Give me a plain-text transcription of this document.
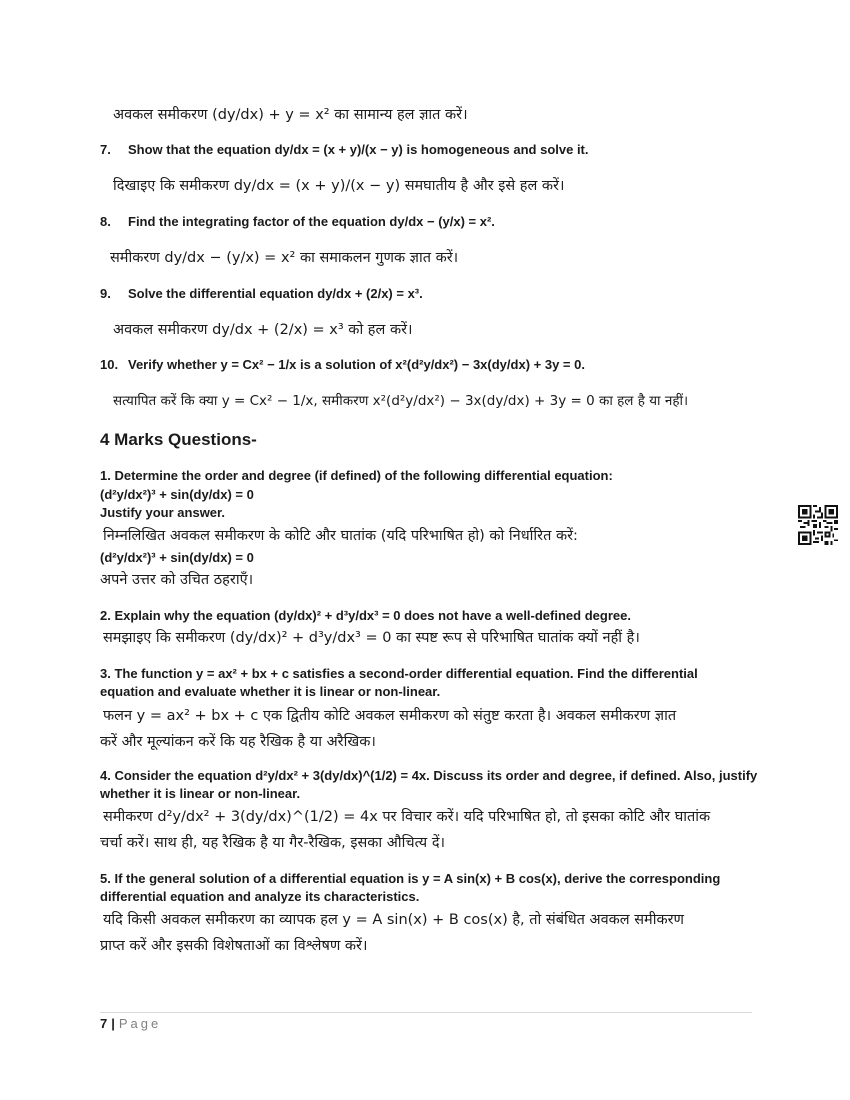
अवकल समीकरण (dy/dx) + y = x² का सामान्य हल ज्ञात करें।
7. Show that the equation dy/dx = (x + y)/(x − y) is homogeneous and solve it.
दिखाइए कि समीकरण dy/dx = (x + y)/(x − y) समघातीय है और इसे हल करें।
8. Find the integrating factor of the equation dy/dx − (y/x) = x².
समीकरण dy/dx − (y/x) = x² का समाकलन गुणक ज्ञात करें।
9. Solve the differential equation dy/dx + (2/x) = x³.
अवकल समीकरण dy/dx + (2/x) = x³ को हल करें।
10. Verify whether y = Cx² − 1/x is a solution of x²(d²y/dx²) − 3x(dy/dx) + 3y = 0.
सत्यापित करें कि क्या y = Cx² − 1/x, समीकरण x²(d²y/dx²) − 3x(dy/dx) + 3y = 0 का हल है या नहीं।
4 Marks Questions-
1. Determine the order and degree (if defined) of the following differential equation:
(d²y/dx²)³ + sin(dy/dx) = 0
Justify your answer.
निम्नलिखित अवकल समीकरण के कोटि और घातांक (यदि परिभाषित हो) को निर्धारित करें:
(d²y/dx²)³ + sin(dy/dx) = 0
अपने उत्तर को उचित ठहराएँ।
2. Explain why the equation (dy/dx)² + d³y/dx³ = 0 does not have a well-defined degree.
समझाइए कि समीकरण (dy/dx)² + d³y/dx³ = 0 का स्पष्ट रूप से परिभाषित घातांक क्यों नहीं है।
3. The function y = ax² + bx + c satisfies a second-order differential equation. Find the differential
equation and evaluate whether it is linear or non-linear.
फलन y = ax² + bx + c एक द्वितीय कोटि अवकल समीकरण को संतुष्ट करता है। अवकल समीकरण ज्ञात
करें और मूल्यांकन करें कि यह रैखिक है या अरैखिक।
4. Consider the equation d²y/dx² + 3(dy/dx)^(1/2) = 4x. Discuss its order and degree, if defined. Also, justify
whether it is linear or non-linear.
समीकरण d²y/dx² + 3(dy/dx)^(1/2) = 4x पर विचार करें। यदि परिभाषित हो, तो इसका कोटि और घातांक
चर्चा करें। साथ ही, यह रैखिक है या गैर-रैखिक, इसका औचित्य दें।
5. If the general solution of a differential equation is y = A sin(x) + B cos(x), derive the corresponding
differential equation and analyze its characteristics.
यदि किसी अवकल समीकरण का व्यापक हल y = A sin(x) + B cos(x) है, तो संबंधित अवकल समीकरण
प्राप्त करें और इसकी विशेषताओं का विश्लेषण करें।
7 | Page
